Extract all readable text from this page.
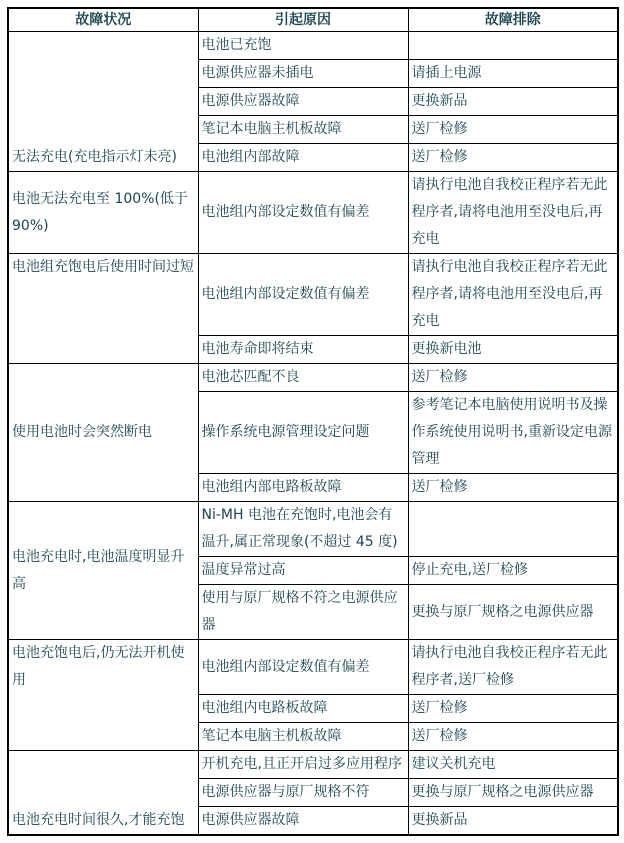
故障状况	引起原因	故障排除
无法充电(充电指示灯未亮)	电池已充饱	
	电源供应器未插电	请插上电源
	电源供应器故障	更换新品
	笔记本电脑主机板故障	送厂检修
	电池组内部故障	送厂检修
电池无法充电至 100%(低于 90%)	电池组内部设定数值有偏差	请执行电池自我校正程序若无此程序者,请将电池用至没电后,再充电
电池组充饱电后使用时间过短	电池组内部设定数值有偏差	请执行电池自我校正程序若无此程序者,请将电池用至没电后,再充电
	电池寿命即将结束	更换新电池
使用电池时会突然断电	电池芯匹配不良	送厂检修
	操作系统电源管理设定问题	参考笔记本电脑使用说明书及操作系统使用说明书,重新设定电源管理
	电池组内部电路板故障	送厂检修
电池充电时,电池温度明显升高	Ni-MH 电池在充饱时,电池会有温升,属正常现象(不超过 45 度)	
	温度异常过高	停止充电,送厂检修
	使用与原厂规格不符之电源供应器	更换与原厂规格之电源供应器
电池充饱电后,仍无法开机使用	电池组内部设定数值有偏差	请执行电池自我校正程序若无此程序者,送厂检修
	电池组内电路板故障	送厂检修
	笔记本电脑主机板故障	送厂检修
电池充电时间很久,才能充饱	开机充电,且正开启过多应用程序	建议关机充电
	电源供应器与原厂规格不符	更换与原厂规格之电源供应器
	电源供应器故障	更换新品
